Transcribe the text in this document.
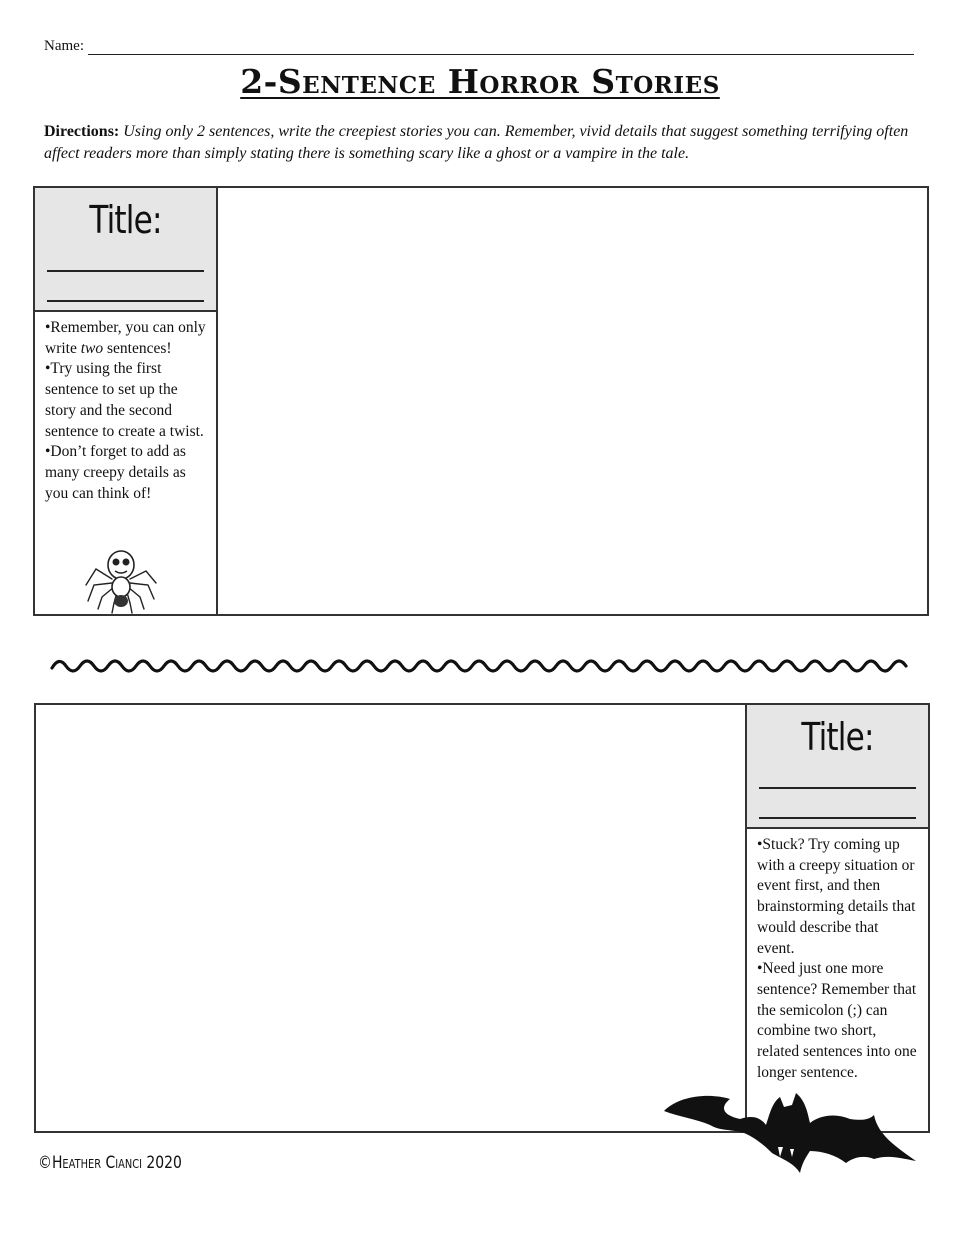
Name:
2-Sentence Horror Stories
Directions: Using only 2 sentences, write the creepiest stories you can. Remember, vivid details that suggest something terrifying often affect readers more than simply stating there is something scary like a ghost or a vampire in the tale.
Title:

•Remember, you can only write two sentences!

•Try using the first sentence to set up the story and the second sentence to create a twist.

•Don’t forget to add as many creepy details as you can think of!

Title:

•Stuck? Try coming up with a creepy situation or event first, and then brainstorming details that would describe that event.

•Need just one more sentence? Remember that the semicolon (;) can combine two short, related sentences into one longer sentence.

©Heather Cianci 2020
